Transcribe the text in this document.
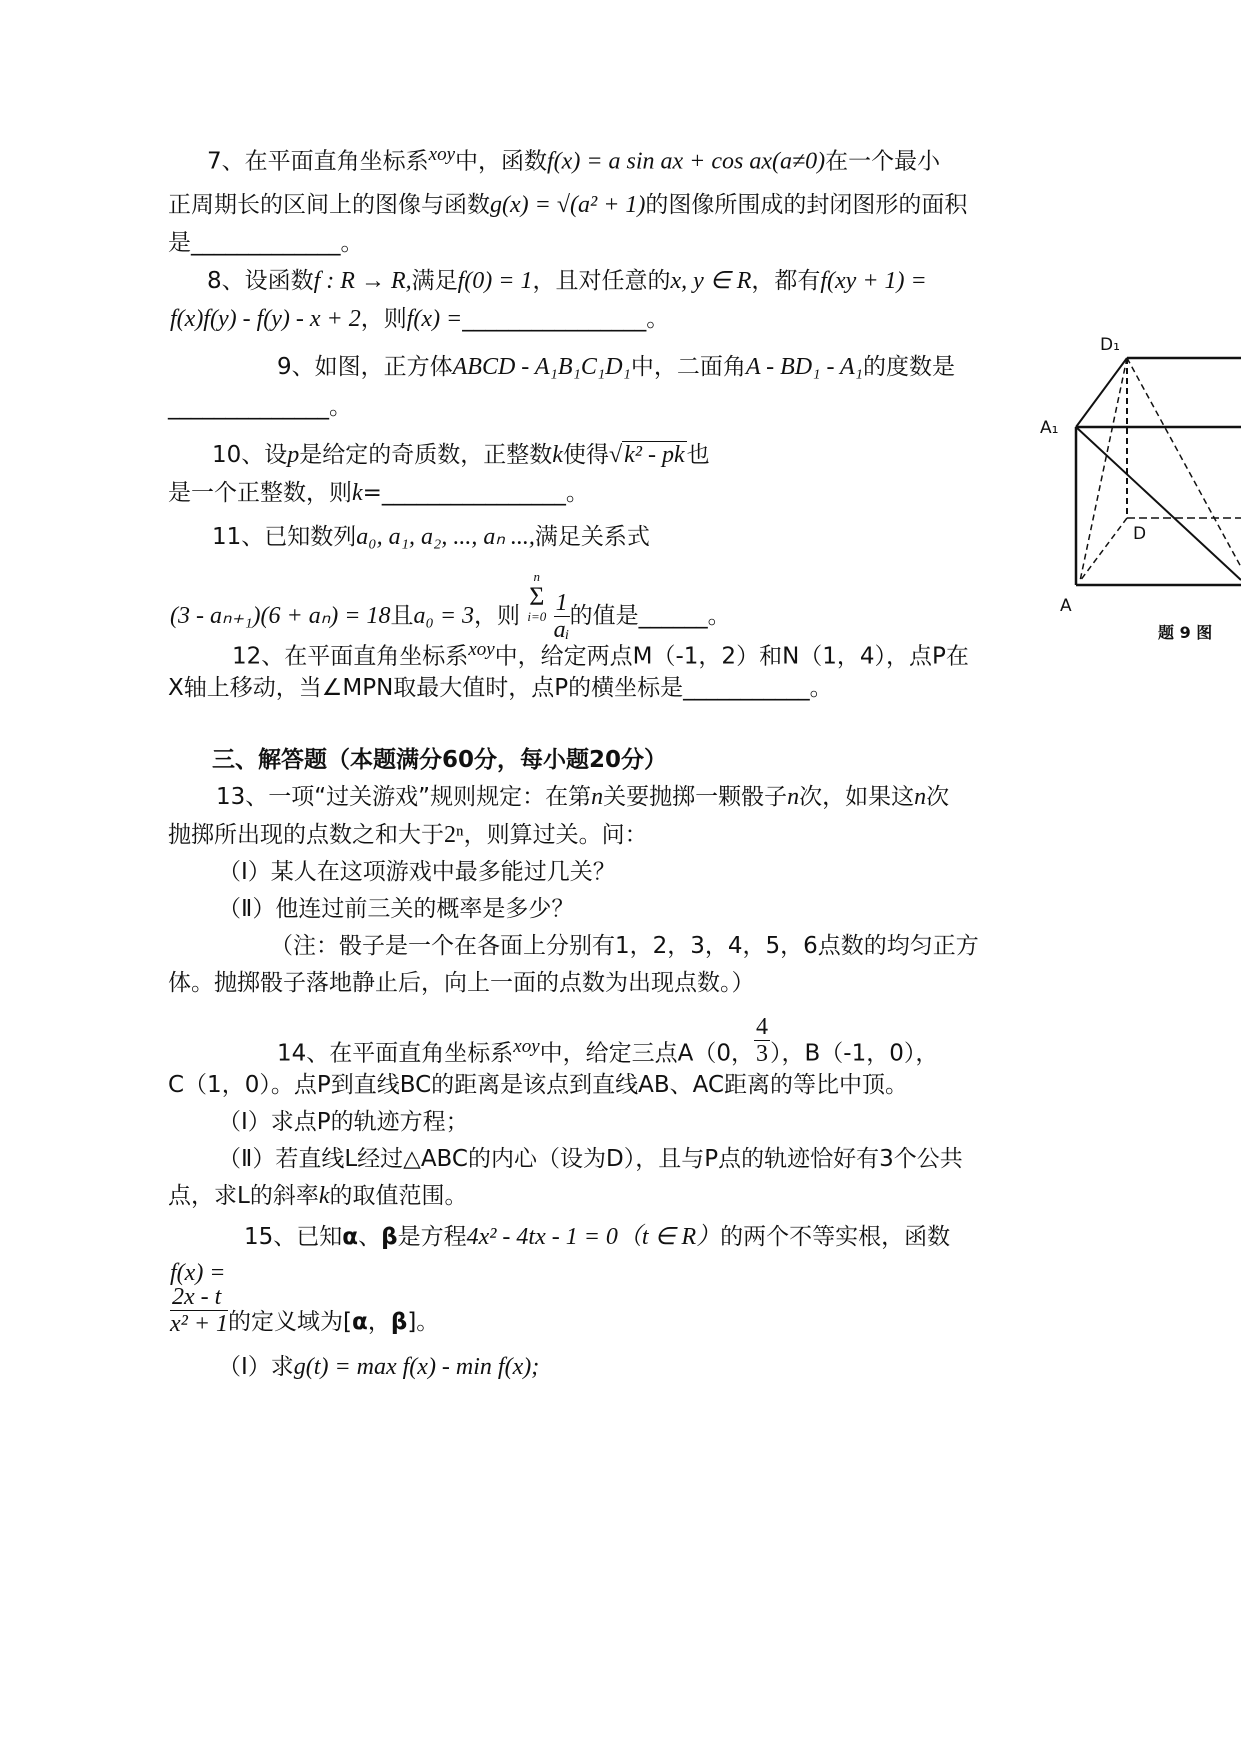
7、在平面直角坐标系$^{xoy}$中，函数f(x) = a sin ax + cos ax(a≠0)在一个最小
正周期长的区间上的图像与函数g(x) = √(a² + 1)的图像所围成的封闭图形的面积
是_____________。
8、设函数f : R → R,满足f(0) = 1，且对任意的x, y ∈ R，都有f(xy + 1) =
f(x)f(y) - f(y) - x + 2，则f(x) =________________。
9、如图，正方体ABCD - A₁B₁C₁D₁中，二面角A - BD₁ - A₁的度数是
______________。
10、设p是给定的奇质数，正整数k使得√k² - pk也
是一个正整数，则k=________________。
11、已知数列a₀, a₁, a₂, ..., aₙ ...,满足关系式
(3 - aₙ₊₁)(6 + aₙ) = 18且a₀ = 3，则
n
Σ
i=0
$\frac{1}{\text{aᵢ}}$ 的值是______。
12、在平面直角坐标系$^{xoy}$中，给定两点M（-1，2）和N（1，4），点P在
X轴上移动，当∠MPN取最大值时，点P的横坐标是___________。
三、解答题（本题满分60分，每小题20分）
13、一项“过关游戏”规则规定：在第n关要抛掷一颗骰子n次，如果这n次
抛掷所出现的点数之和大于2ⁿ，则算过关。问：
（Ⅰ）某人在这项游戏中最多能过几关？
（Ⅱ）他连过前三关的概率是多少？
（注：骰子是一个在各面上分别有1，2，3，4，5，6点数的均匀正方
体。抛掷骰子落地静止后，向上一面的点数为出现点数。）
14、在平面直角坐标系$^{xoy}$中，给定三点A（0， $\frac{4}{3}$ ），B（-1，0），
C（1，0）。点P到直线BC的距离是该点到直线AB、AC距离的等比中顶。
（Ⅰ）求点P的轨迹方程；
（Ⅱ）若直线L经过△ABC的内心（设为D），且与P点的轨迹恰好有3个公共
点，求L的斜率k的取值范围。
15、已知α、β是方程4x² - 4tx - 1 = 0（t ∈ R）的两个不等实根，函数
f(x) =
$\frac{2x - t}{\text{x² + 1}}$ 的定义域为[α，β]。
（Ⅰ）求g(t) = max f(x) - min f(x);
D₁
A₁
D
A
题 9 图
